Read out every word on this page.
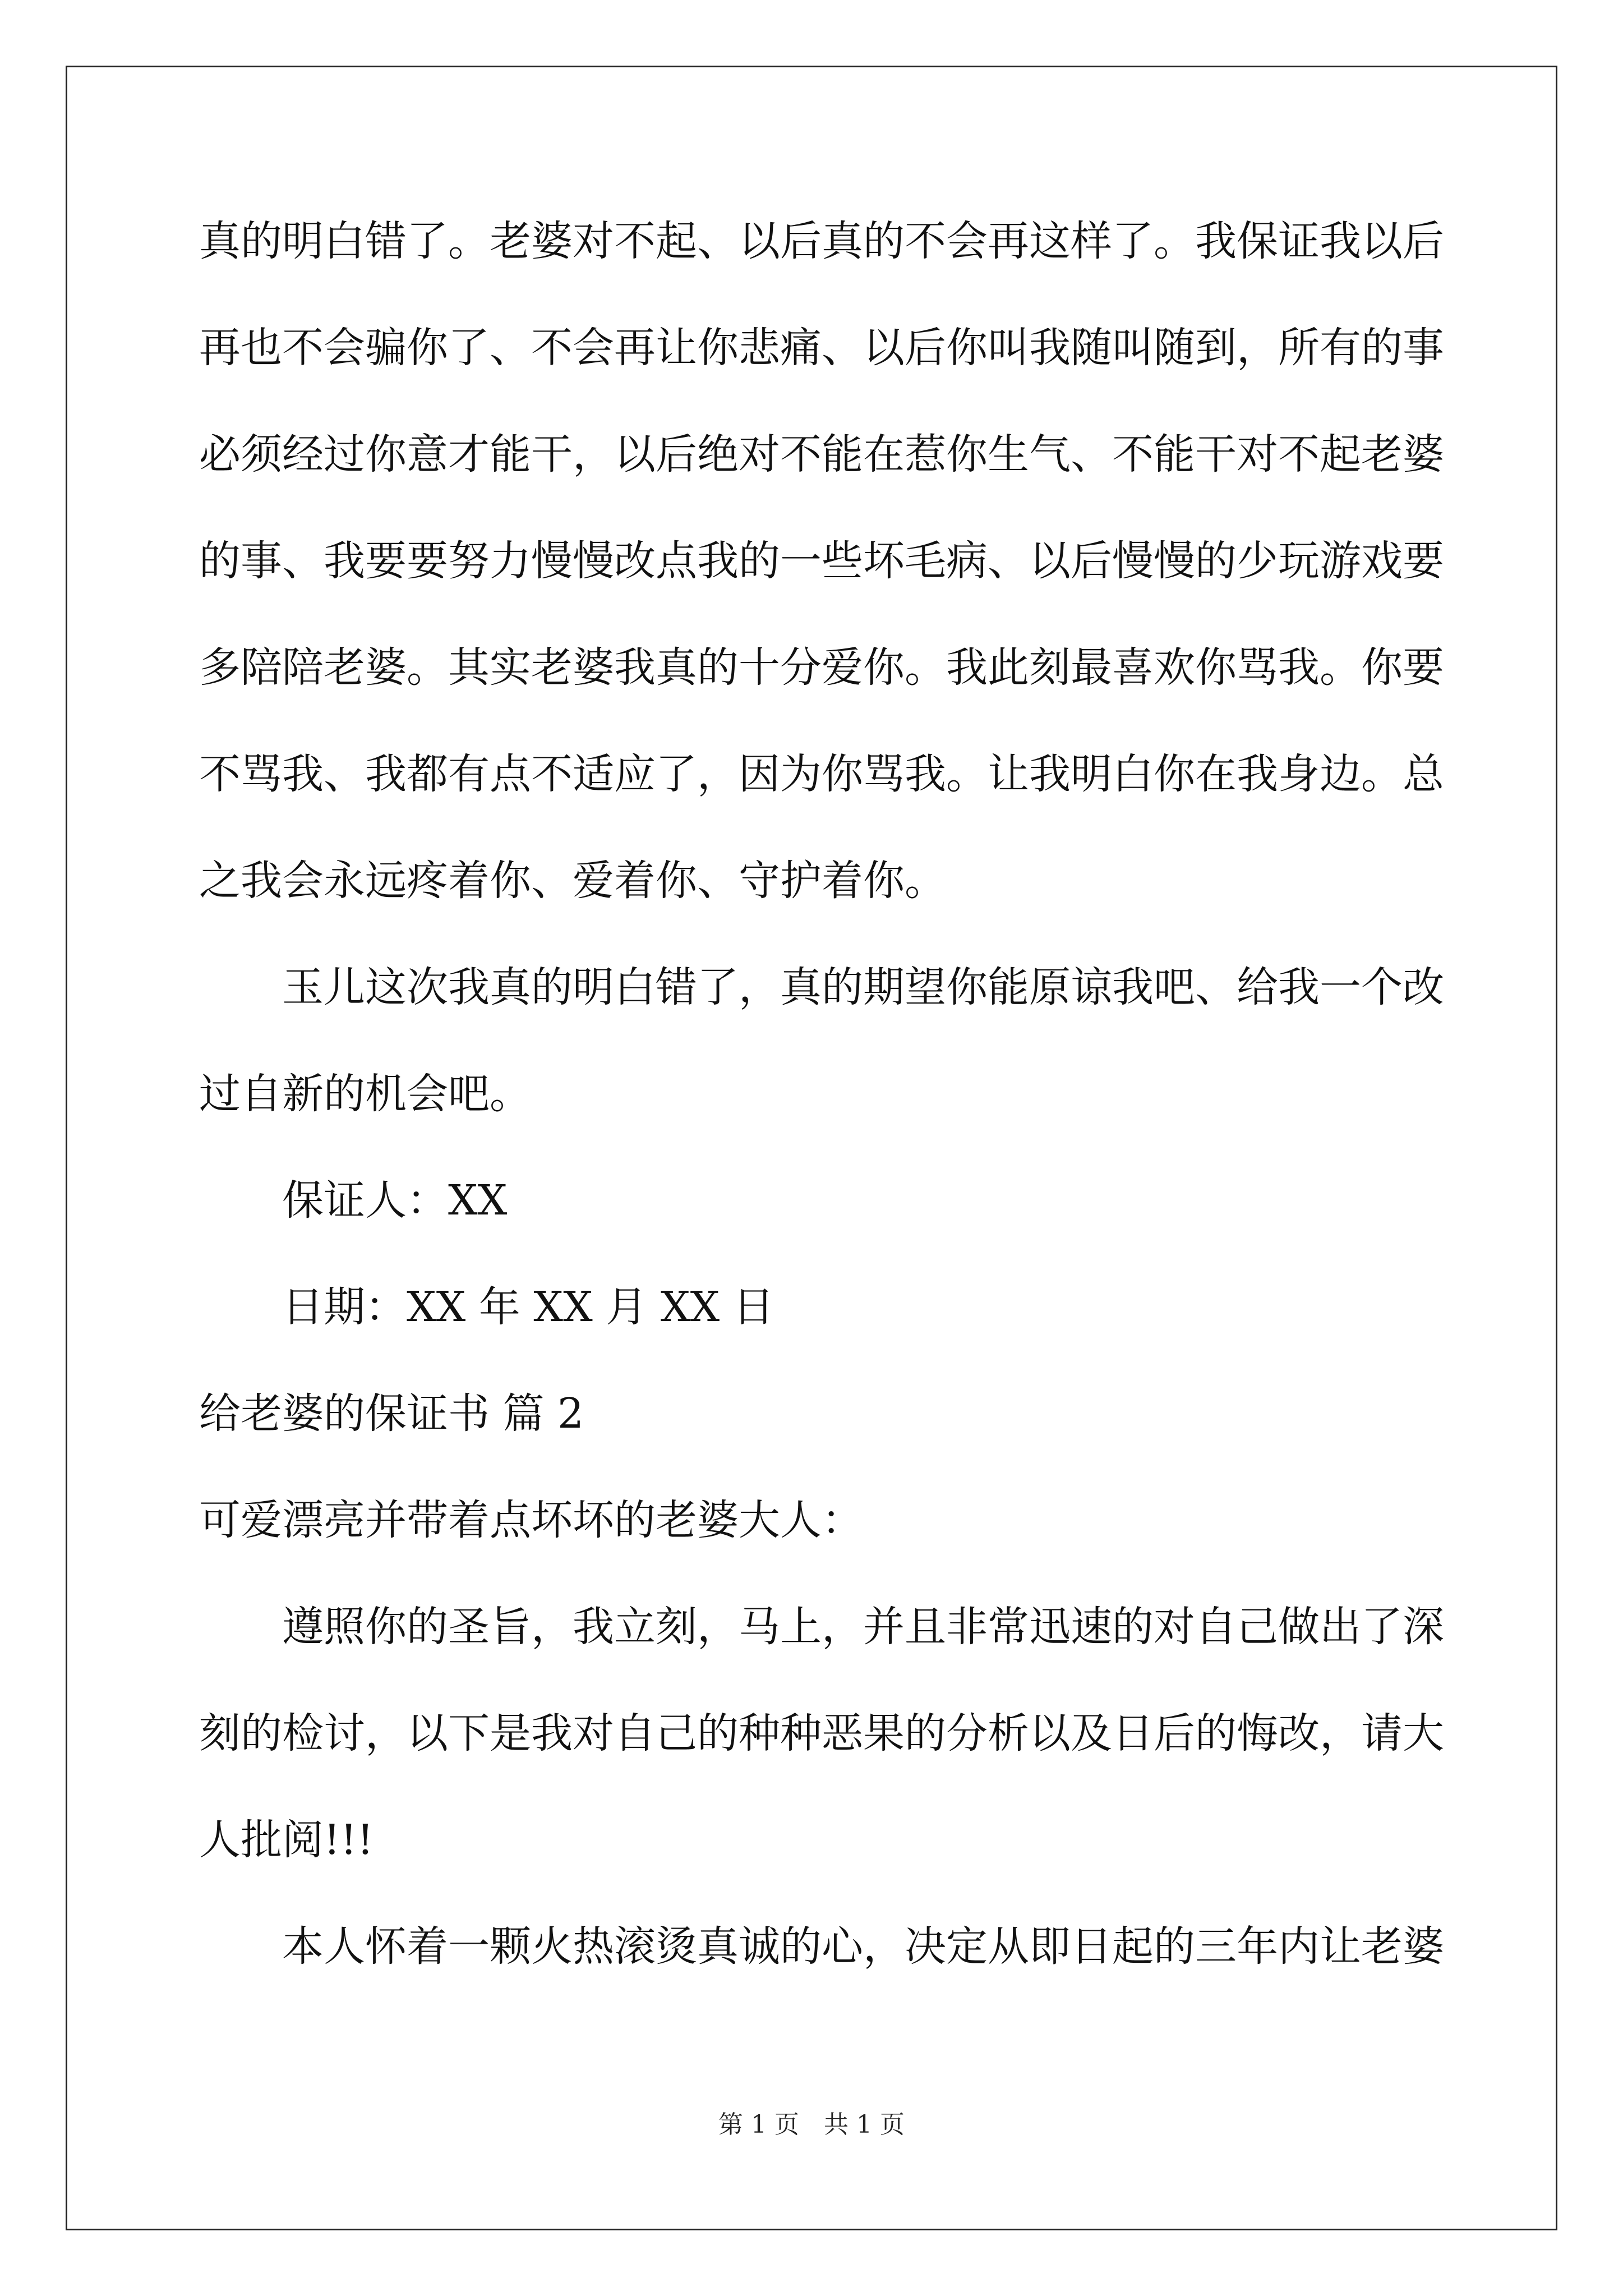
真的明白错了。老婆对不起、以后真的不会再这样了。我保证我以后

再也不会骗你了、不会再让你悲痛、以后你叫我随叫随到，所有的事

必须经过你意才能干，以后绝对不能在惹你生气、不能干对不起老婆

的事、我要要努力慢慢改点我的一些坏毛病、以后慢慢的少玩游戏要

多陪陪老婆。其实老婆我真的十分爱你。我此刻最喜欢你骂我。你要

不骂我、我都有点不适应了，因为你骂我。让我明白你在我身边。总

之我会永远疼着你、爱着你、守护着你。

玉儿这次我真的明白错了，真的期望你能原谅我吧、给我一个改

过自新的机会吧。

保证人：XX

日期：XX 年 XX 月 XX 日

给老婆的保证书 篇 2

可爱漂亮并带着点坏坏的老婆大人：

遵照你的圣旨，我立刻，马上，并且非常迅速的对自己做出了深

刻的检讨，以下是我对自己的种种恶果的分析以及日后的悔改，请大

人批阅!!!

本人怀着一颗火热滚烫真诚的心，决定从即日起的三年内让老婆

第 1 页　共 1 页
